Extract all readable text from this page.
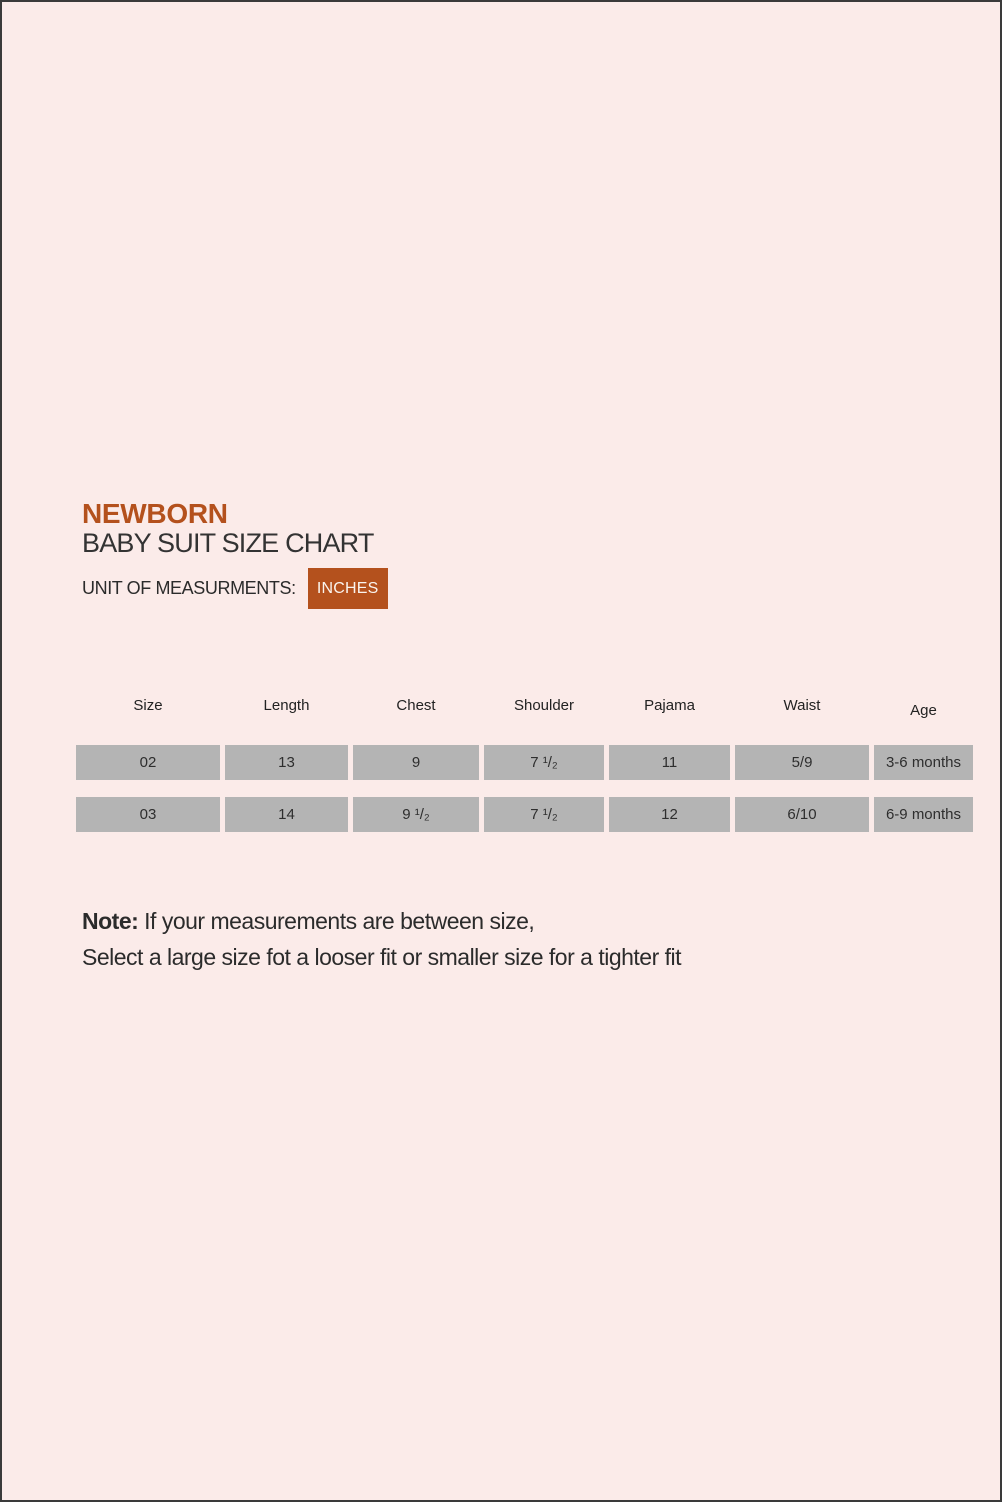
NEWBORN
BABY SUIT SIZE CHART
UNIT OF MEASURMENTS:	INCHES
Size	Length	Chest	Shoulder	Pajama	Waist	Age
02	13	9	7 ¹/₂	11	5/9	3-6 months
03	14	9 ¹/₂	7 ¹/₂	12	6/10	6-9 months
Note: If your measurements are between size,
Select a large size fot a looser fit or smaller size for a tighter fit
